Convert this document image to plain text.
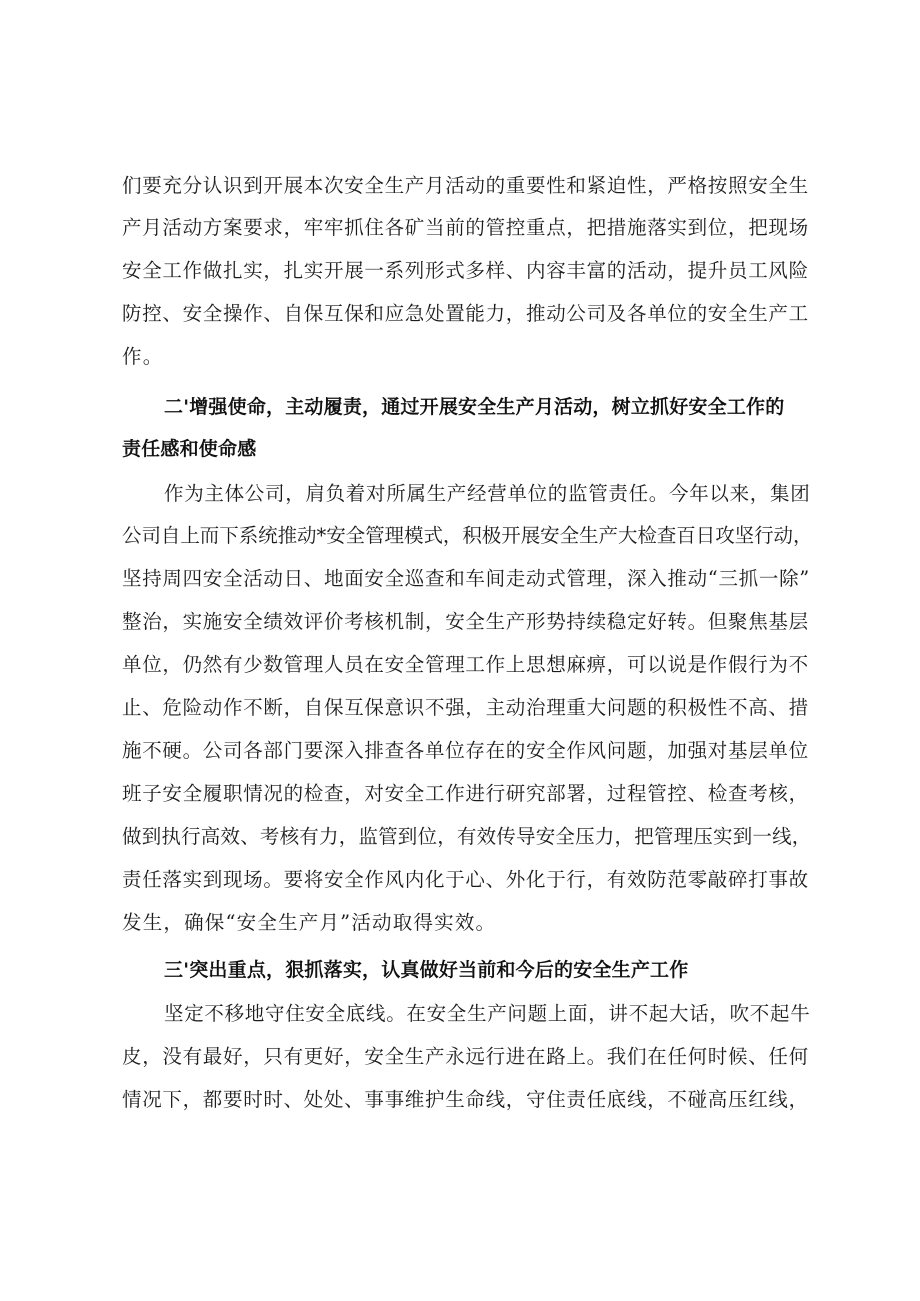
们要充分认识到开展本次安全生产月活动的重要性和紧迫性，严格按照安全生
产月活动方案要求，牢牢抓住各矿当前的管控重点，把措施落实到位，把现场
安全工作做扎实，扎实开展一系列形式多样、内容丰富的活动，提升员工风险
防控、安全操作、自保互保和应急处置能力，推动公司及各单位的安全生产工
作。
二'增强使命，主动履责，通过开展安全生产月活动，树立抓好安全工作的
责任感和使命感
作为主体公司，肩负着对所属生产经营单位的监管责任。今年以来，集团
公司自上而下系统推动*安全管理模式，积极开展安全生产大检查百日攻坚行动，
坚持周四安全活动日、地面安全巡查和车间走动式管理，深入推动“三抓一除”
整治，实施安全绩效评价考核机制，安全生产形势持续稳定好转。但聚焦基层
单位，仍然有少数管理人员在安全管理工作上思想麻痹，可以说是作假行为不
止、危险动作不断，自保互保意识不强，主动治理重大问题的积极性不高、措
施不硬。公司各部门要深入排查各单位存在的安全作风问题，加强对基层单位
班子安全履职情况的检查，对安全工作进行研究部署，过程管控、检查考核，
做到执行高效、考核有力，监管到位，有效传导安全压力，把管理压实到一线，
责任落实到现场。要将安全作风内化于心、外化于行，有效防范零敲碎打事故
发生，确保“安全生产月”活动取得实效。
三'突出重点，狠抓落实，认真做好当前和今后的安全生产工作
坚定不移地守住安全底线。在安全生产问题上面，讲不起大话，吹不起牛
皮，没有最好，只有更好，安全生产永远行进在路上。我们在任何时候、任何
情况下，都要时时、处处、事事维护生命线，守住责任底线，不碰高压红线，
